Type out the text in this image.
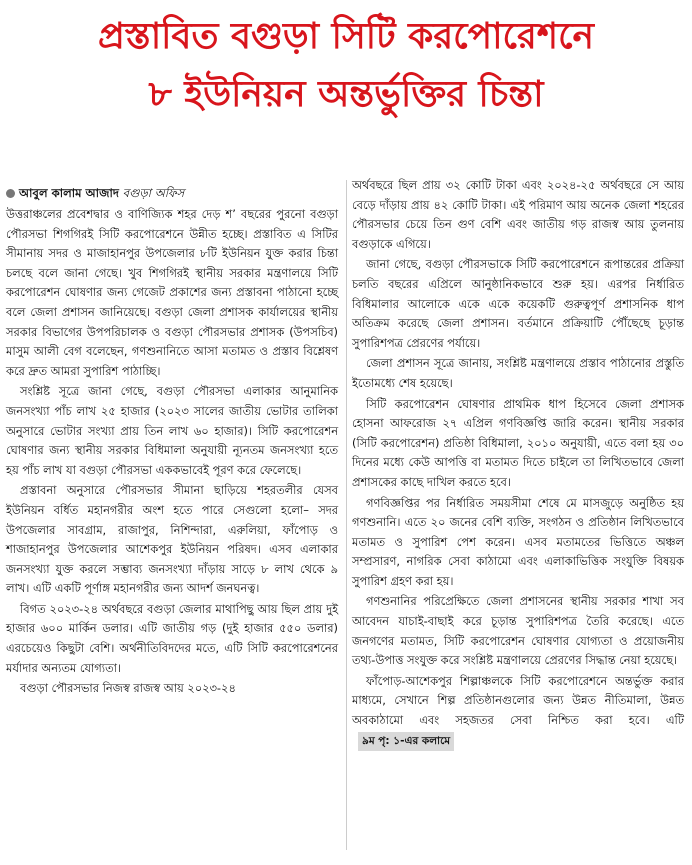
প্রস্তাবিত বগুড়া সিটি করপোরেশনে
৮ ইউনিয়ন অন্তর্ভুক্তির চিন্তা
আবুল কালাম আজাদ বগুড়া অফিস

উত্তরাঞ্চলের প্রবেশদ্বার ও বাণিজ্যিক শহর দেড় শ’ বছরের পুরনো বগুড়া পৌরসভা শিগগিরই সিটি করপোরেশনে উন্নীত হচ্ছে। প্রস্তাবিত এ সিটির সীমানায় সদর ও মাজাহানপুর উপজেলার ৮টি ইউনিয়ন যুক্ত করার চিন্তা চলছে বলে জানা গেছে। খুব শিগগিরই স্থানীয় সরকার মন্ত্রণালয়ে সিটি করপোরেশন ঘোষণার জন্য গেজেট প্রকাশের জন্য প্রস্তাবনা পাঠানো হচ্ছে বলে জেলা প্রশাসন জানিয়েছে। বগুড়া জেলা প্রশাসক কার্যালয়ের স্থানীয় সরকার বিভাগের উপপরিচালক ও বগুড়া পৌরসভার প্রশাসক (উপসচিব) মাসুম আলী বেগ বলেছেন, গণশুনানিতে আসা মতামত ও প্রস্তাব বিশ্লেষণ করে দ্রুত আমরা সুপারিশ পাঠাচ্ছি।

সংশ্লিষ্ট সূত্রে জানা গেছে, বগুড়া পৌরসভা এলাকার আনুমানিক জনসংখ্যা পাঁচ লাখ ২৫ হাজার (২০২৩ সালের জাতীয় ভোটার তালিকা অনুসারে ভোটার সংখ্যা প্রায় তিন লাখ ৬০ হাজার)। সিটি করপোরেশন ঘোষণার জন্য স্থানীয় সরকার বিধিমালা অনুযায়ী ন্যূনতম জনসংখ্যা হতে হয় পাঁচ লাখ যা বগুড়া পৌরসভা এককভাবেই পূরণ করে ফেলেছে।

প্রস্তাবনা অনুসারে পৌরসভার সীমানা ছাড়িয়ে শহরতলীর যেসব ইউনিয়ন বর্ধিত মহানগরীর অংশ হতে পারে সেগুলো হলো– সদর উপজেলার সাবগ্রাম, রাজাপুর, নিশিন্দারা, এরুলিয়া, ফাঁপোড় ও শাজাহানপুর উপজেলার আশেকপুর ইউনিয়ন পরিষদ। এসব এলাকার জনসংখ্যা যুক্ত করলে সম্ভাব্য জনসংখ্যা দাঁড়ায় সাড়ে ৮ লাখ থেকে ৯ লাখ। এটি একটি পূর্ণাঙ্গ মহানগরীর জন্য আদর্শ জনঘনত্ব।

বিগত ২০২৩-২৪ অর্থবছরে বগুড়া জেলার মাথাপিছু আয় ছিল প্রায় দুই হাজার ৬০০ মার্কিন ডলার। এটি জাতীয় গড় (দুই হাজার ৫৫০ ডলার) এরচেয়েও কিছুটা বেশি। অর্থনীতিবিদদের মতে, এটি সিটি করপোরেশনের মর্যাদার অন্যতম যোগ্যতা।

বগুড়া পৌরসভার নিজস্ব রাজস্ব আয় ২০২৩-২৪

অর্থবছরে ছিল প্রায় ৩২ কোটি টাকা এবং ২০২৪-২৫ অর্থবছরে সে আয় বেড়ে দাঁড়ায় প্রায় ৪২ কোটি টাকা। এই পরিমাণ আয় অনেক জেলা শহরের পৌরসভার চেয়ে তিন গুণ বেশি এবং জাতীয় গড় রাজস্ব আয় তুলনায় বগুড়াকে এগিয়ে।

জানা গেছে, বগুড়া পৌরসভাকে সিটি করপোরেশনে রূপান্তরের প্রক্রিয়া চলতি বছরের এপ্রিলে আনুষ্ঠানিকভাবে শুরু হয়। এরপর নির্ধারিত বিধিমালার আলোকে একে একে কয়েকটি গুরুত্বপূর্ণ প্রশাসনিক ধাপ অতিক্রম করেছে জেলা প্রশাসন। বর্তমানে প্রক্রিয়াটি পৌঁছেছে চূড়ান্ত সুপারিশপত্র প্রেরণের পর্যায়ে।

জেলা প্রশাসন সূত্রে জানায়, সংশ্লিষ্ট মন্ত্রণালয়ে প্রস্তাব পাঠানোর প্রস্তুতি ইতোমধ্যে শেষ হয়েছে।

সিটি করপোরেশন ঘোষণার প্রাথমিক ধাপ হিসেবে জেলা প্রশাসক হোসনা আফরোজ ২৭ এপ্রিল গণবিজ্ঞপ্তি জারি করেন। স্থানীয় সরকার (সিটি করপোরেশন) প্রতিষ্ঠা বিধিমালা, ২০১০ অনুযায়ী, এতে বলা হয় ৩০ দিনের মধ্যে কেউ আপত্তি বা মতামত দিতে চাইলে তা লিখিতভাবে জেলা প্রশাসকের কাছে দাখিল করতে হবে।

গণবিজ্ঞপ্তির পর নির্ধারিত সময়সীমা শেষে মে মাসজুড়ে অনুষ্ঠিত হয় গণশুনানি। এতে ২০ জনের বেশি ব্যক্তি, সংগঠন ও প্রতিষ্ঠান লিখিতভাবে মতামত ও সুপারিশ পেশ করেন। এসব মতামতের ভিত্তিতে অঞ্চল সম্প্রসারণ, নাগরিক সেবা কাঠামো এবং এলাকাভিত্তিক সংযুক্তি বিষয়ক সুপারিশ গ্রহণ করা হয়।

গণশুনানির পরিপ্রেক্ষিতে জেলা প্রশাসনের স্থানীয় সরকার শাখা সব আবেদন যাচাই-বাছাই করে চূড়ান্ত সুপারিশপত্র তৈরি করেছে। এতে জনগণের মতামত, সিটি করপোরেশন ঘোষণার যোগ্যতা ও প্রয়োজনীয় তথ্য-উপাত্ত সংযুক্ত করে সংশ্লিষ্ট মন্ত্রণালয়ে প্রেরণের সিদ্ধান্ত নেয়া হয়েছে।

ফাঁপোড়-আশেকপুর শিল্পাঞ্চলকে সিটি করপোরেশনে অন্তর্ভুক্ত করার মাধ্যমে, সেখানে শিল্প প্রতিষ্ঠানগুলোর জন্য উন্নত নীতিমালা, উন্নত অবকাঠামো এবং সহজতর সেবা নিশ্চিত করা হবে। এটি৯ম পৃ: ১-এর কলামে
